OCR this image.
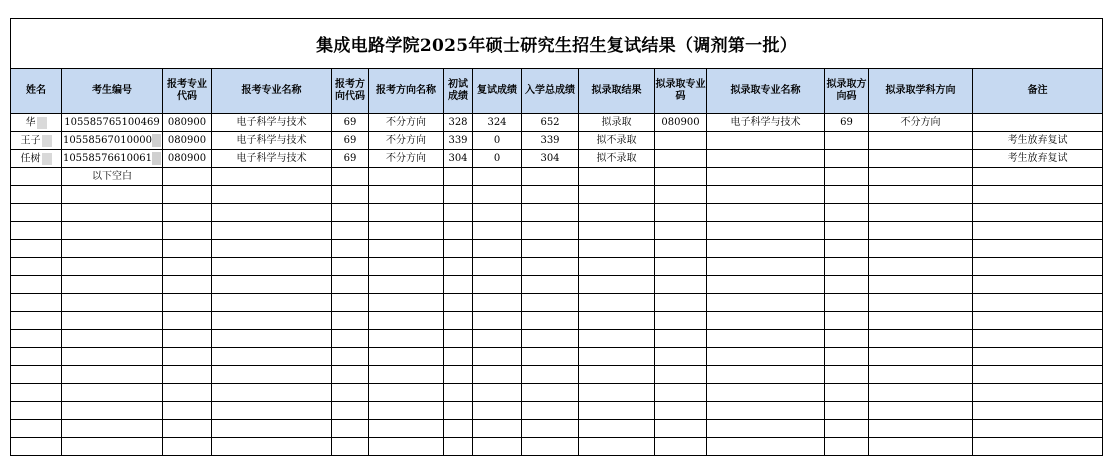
集成电路学院2025年硕士研究生招生复试结果（调剂第一批）														
姓名	考生编号	报考专业代码	报考专业名称	报考方向代码	报考方向名称	初试成绩	复试成绩	入学总成绩	拟录取结果	拟录取专业码	拟录取专业名称	拟录取方向码	拟录取学科方向	备注
华	105585765100469	080900	电子科学与技术	69	不分方向	328	324	652	拟录取	080900	电子科学与技术	69	不分方向	
王子	10558567010000	080900	电子科学与技术	69	不分方向	339	0	339	拟不录取					考生放弃复试
任树	10558576610061	080900	电子科学与技术	69	不分方向	304	0	304	拟不录取					考生放弃复试
	以下空白													
